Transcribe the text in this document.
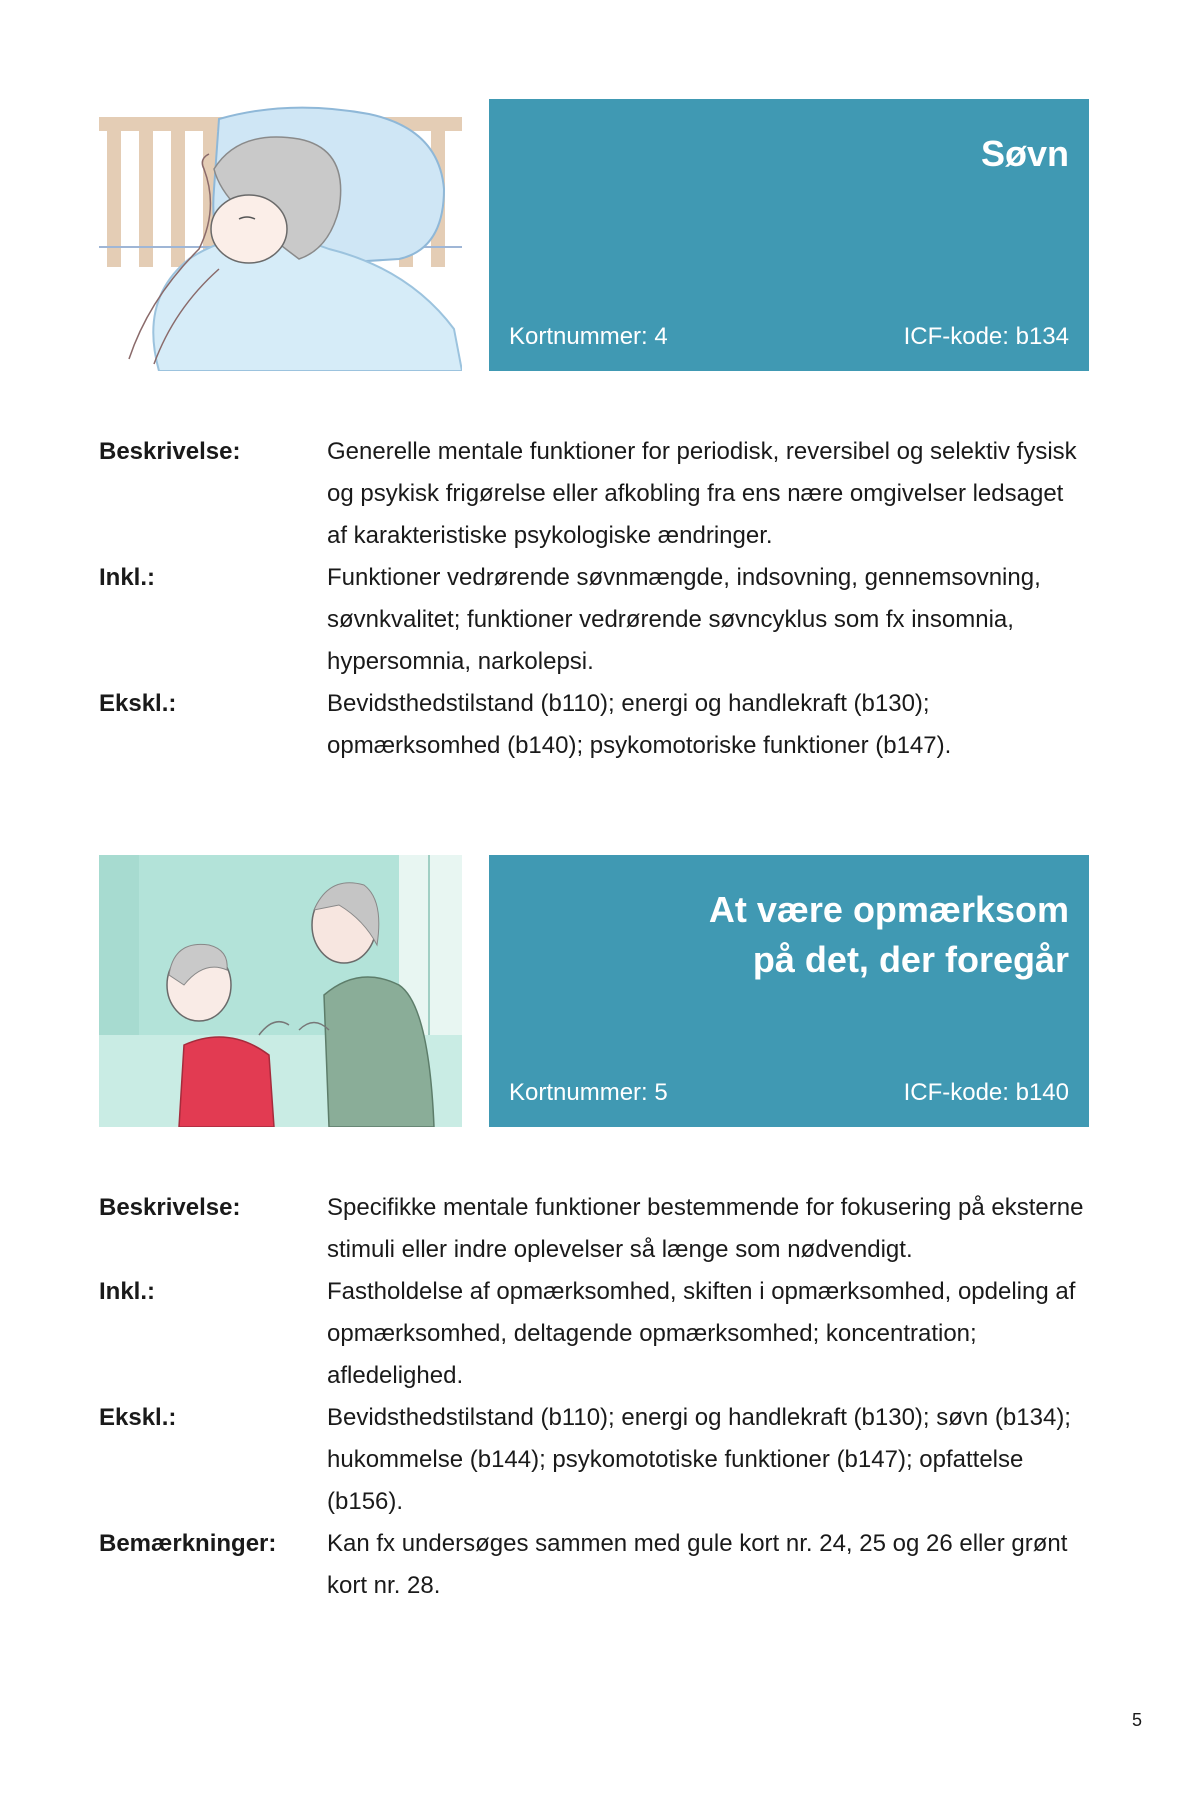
Søvn
Kortnummer: 4	ICF-kode: b134
Beskrivelse:	Generelle mentale funktioner for periodisk, reversibel og selektiv fysisk og psykisk frigørelse eller afkobling fra ens nære omgivelser ledsaget af karakteristiske psykologiske ændringer.
Inkl.:	Funktioner vedrørende søvnmængde, indsovning, gennemsovning, søvnkvalitet; funktioner vedrørende søvncyklus som fx insomnia, hypersomnia, narkolepsi.
Ekskl.:	Bevidsthedstilstand (b110); energi og handlekraft (b130); opmærksomhed (b140); psykomotoriske funktioner (b147).
At være opmærksom
på det, der foregår
Kortnummer: 5	ICF-kode: b140
Beskrivelse:	Specifikke mentale funktioner bestemmende for fokusering på eksterne stimuli eller indre oplevelser så længe som nødvendigt.
Inkl.:	Fastholdelse af opmærksomhed, skiften i opmærksomhed, opdeling af opmærksomhed, deltagende opmærksomhed; koncentration; afledelighed.
Ekskl.:	Bevidsthedstilstand (b110); energi og handlekraft (b130); søvn (b134); hukommelse (b144); psykomototiske funktioner (b147); opfattelse (b156).
Bemærkninger:	Kan fx undersøges sammen med gule kort nr. 24, 25 og 26 eller grønt kort nr. 28.
5
